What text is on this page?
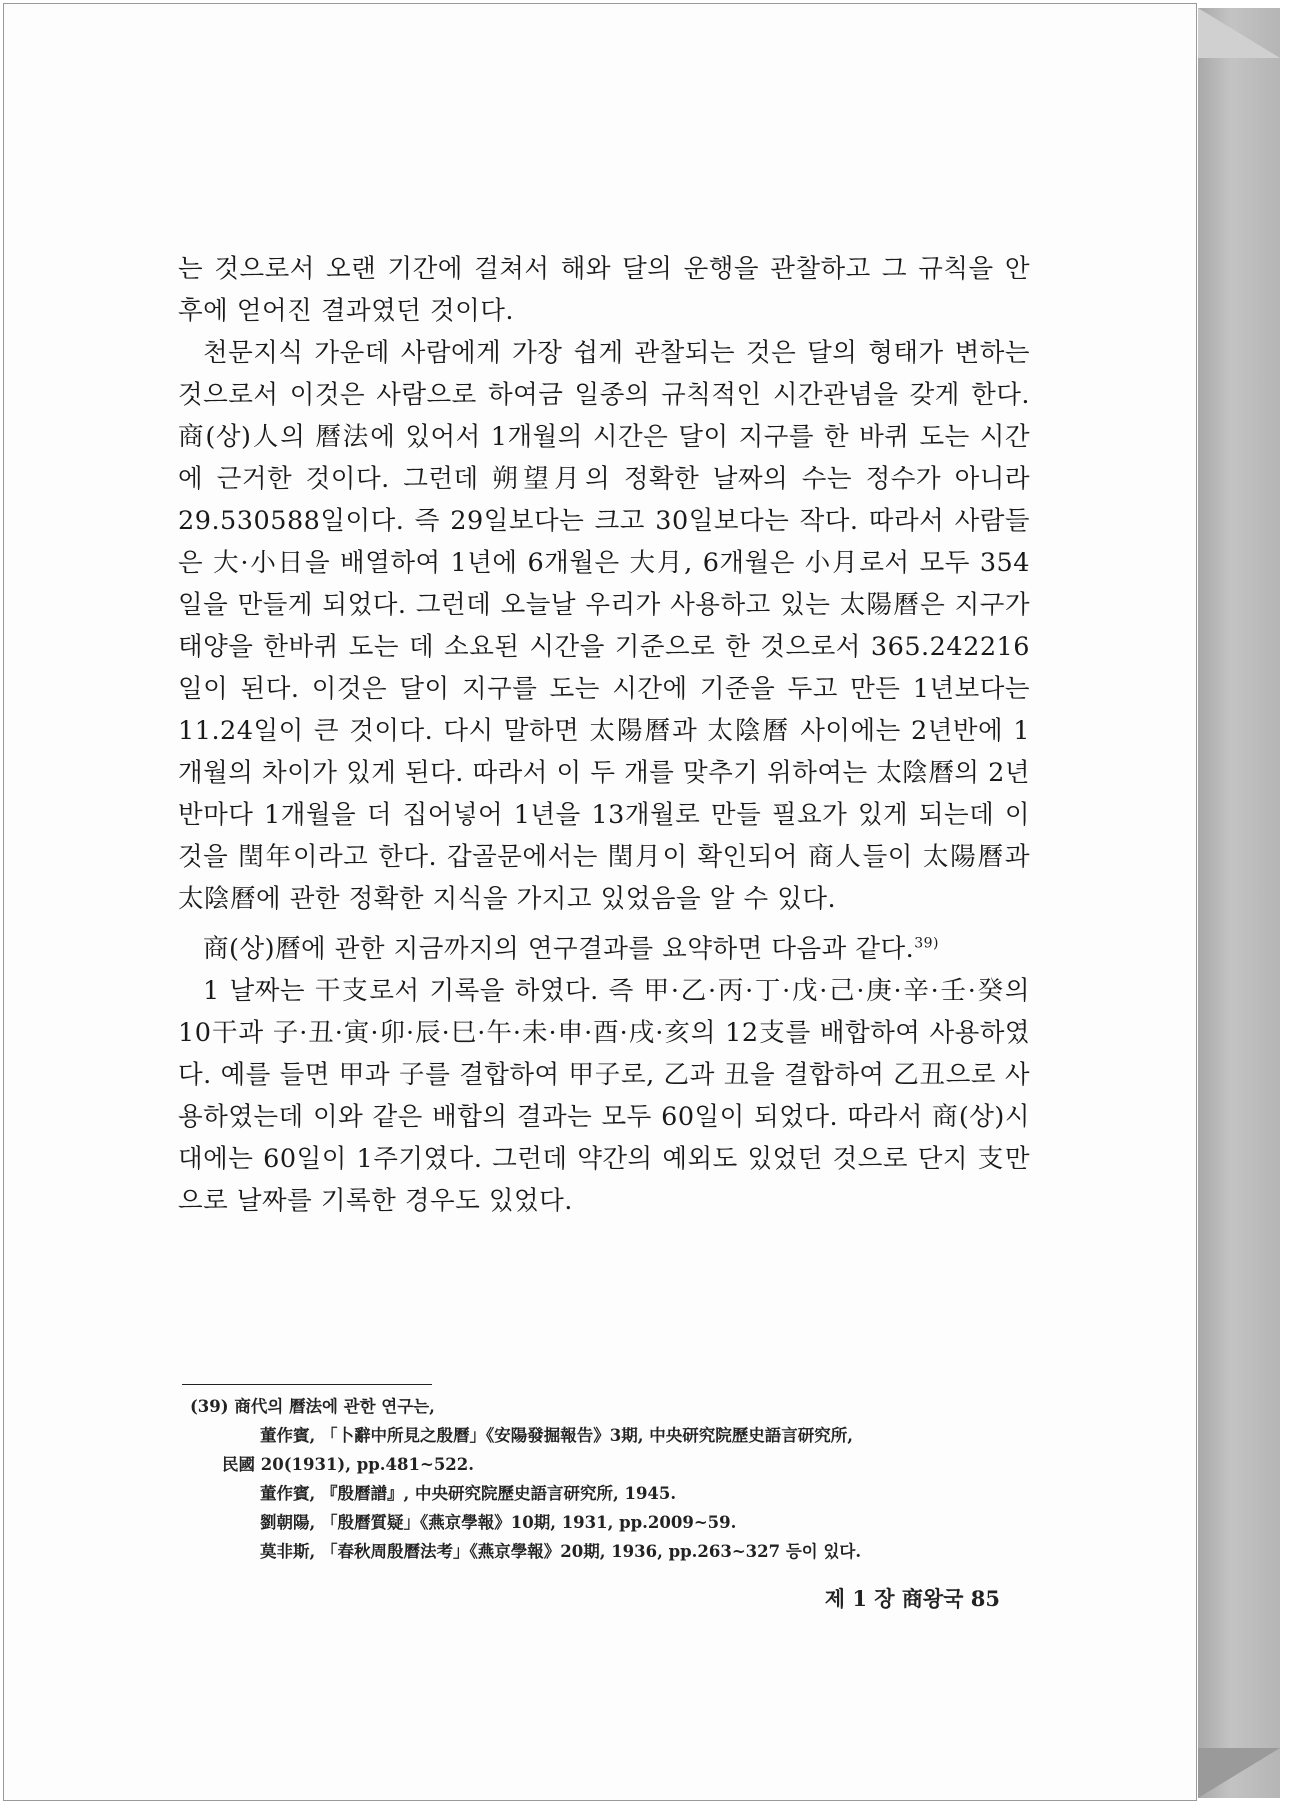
는 것으로서 오랜 기간에 걸쳐서 해와 달의 운행을 관찰하고 그 규칙을 안 후에 얻어진 결과였던 것이다.

천문지식 가운데 사람에게 가장 쉽게 관찰되는 것은 달의 형태가 변하는 것으로서 이것은 사람으로 하여금 일종의 규칙적인 시간관념을 갖게 한다. 商(상)人의 曆法에 있어서 1개월의 시간은 달이 지구를 한 바퀴 도는 시간에 근거한 것이다. 그런데 朔望月의 정확한 날짜의 수는 정수가 아니라 29.530588일이다. 즉 29일보다는 크고 30일보다는 작다. 따라서 사람들은 大·小日을 배열하여 1년에 6개월은 大月, 6개월은 小月로서 모두 354일을 만들게 되었다. 그런데 오늘날 우리가 사용하고 있는 太陽曆은 지구가 태양을 한바퀴 도는 데 소요된 시간을 기준으로 한 것으로서 365.242216일이 된다. 이것은 달이 지구를 도는 시간에 기준을 두고 만든 1년보다는 11.24일이 큰 것이다. 다시 말하면 太陽曆과 太陰曆 사이에는 2년반에 1개월의 차이가 있게 된다. 따라서 이 두 개를 맞추기 위하여는 太陰曆의 2년 반마다 1개월을 더 집어넣어 1년을 13개월로 만들 필요가 있게 되는데 이것을 閏年이라고 한다. 갑골문에서는 閏月이 확인되어 商人들이 太陽曆과 太陰曆에 관한 정확한 지식을 가지고 있었음을 알 수 있다.

商(상)曆에 관한 지금까지의 연구결과를 요약하면 다음과 같다.$^{39)}$

1 날짜는 干支로서 기록을 하였다. 즉 甲·乙·丙·丁·戊·己·庚·辛·壬·癸의 10干과 子·丑·寅·卯·辰·巳·午·未·申·酉·戌·亥의 12支를 배합하여 사용하였다. 예를 들면 甲과 子를 결합하여 甲子로, 乙과 丑을 결합하여 乙丑으로 사용하였는데 이와 같은 배합의 결과는 모두 60일이 되었다. 따라서 商(상)시대에는 60일이 1주기였다. 그런데 약간의 예외도 있었던 것으로 단지 支만으로 날짜를 기록한 경우도 있었다.

(39) 商代의 曆法에 관한 연구는,
董作賓, 「卜辭中所見之殷曆」《安陽發掘報告》3期, 中央研究院歷史語言研究所,
民國 20(1931), pp.481~522.
董作賓, 『殷曆譜』, 中央研究院歷史語言研究所, 1945.
劉朝陽, 「殷曆質疑」《燕京學報》10期, 1931, pp.2009~59.
莫非斯, 「春秋周殷曆法考」《燕京學報》20期, 1936, pp.263~327 등이 있다.
제 1 장 商왕국 85
